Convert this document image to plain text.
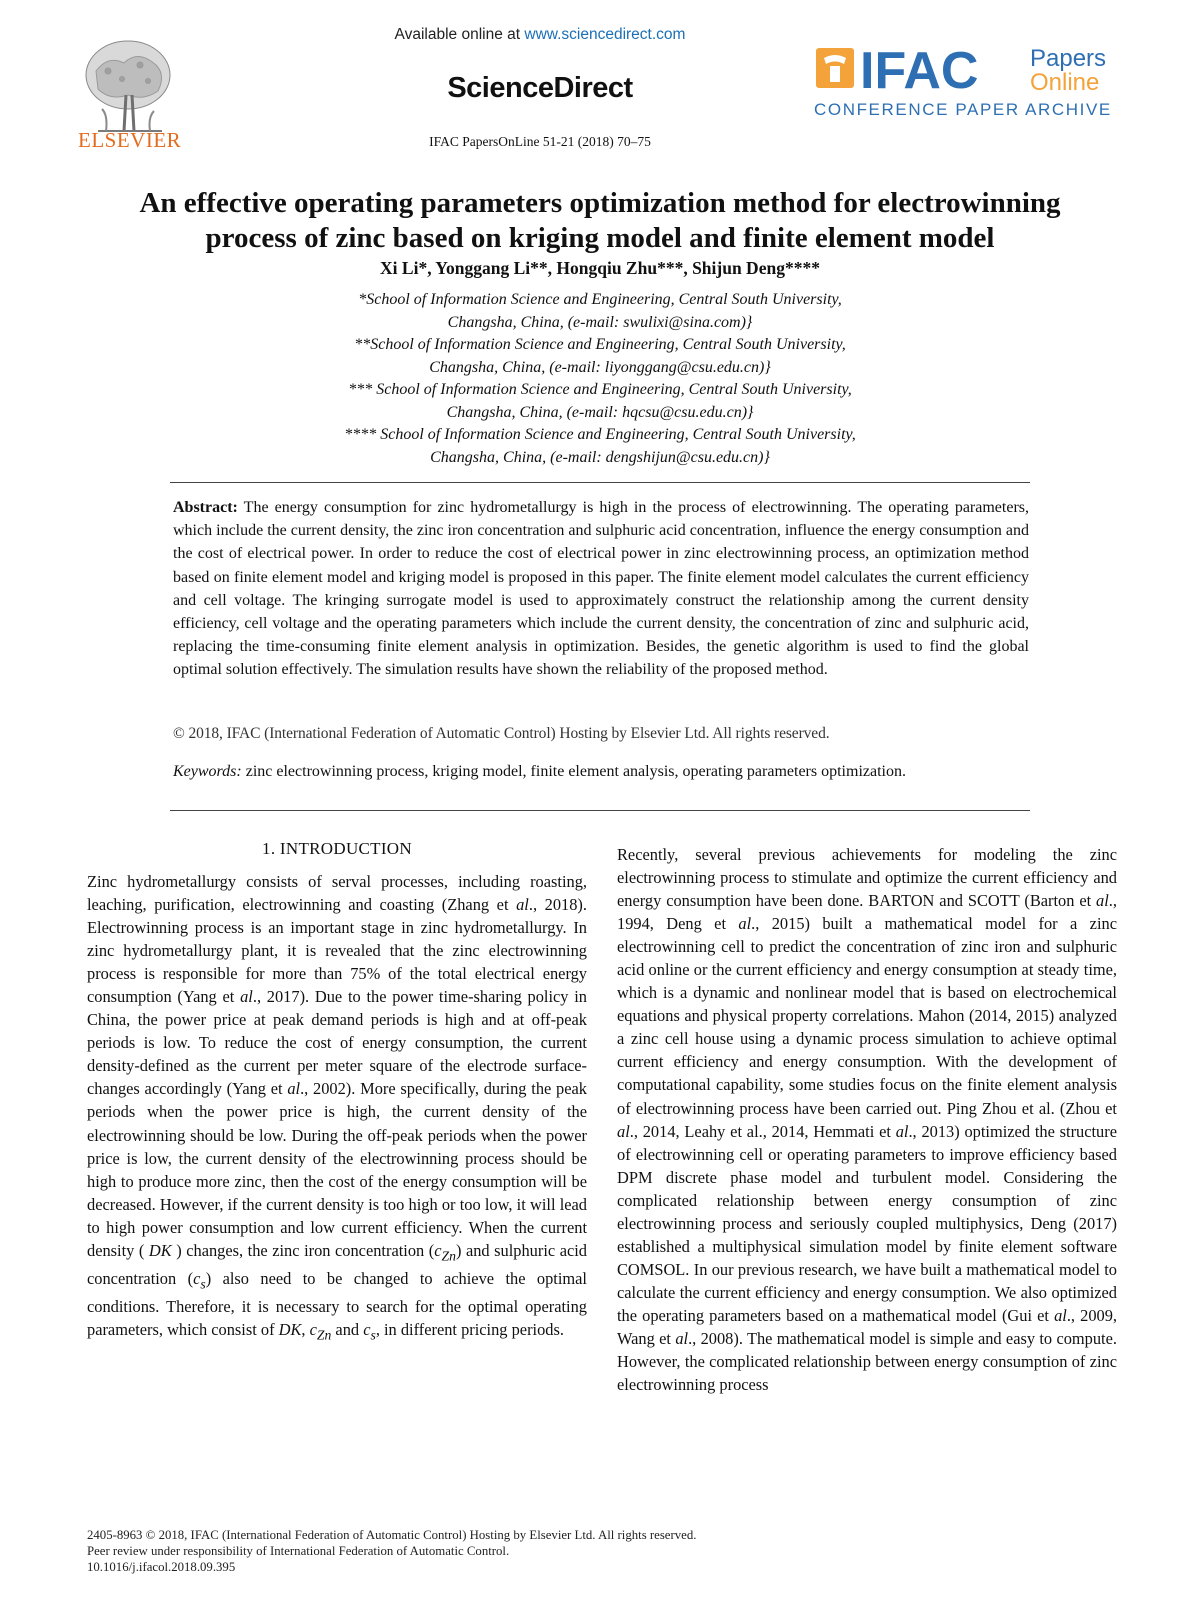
ELSEVIER
Available online at www.sciencedirect.com
ScienceDirect
IFAC PapersOnLine 51-21 (2018) 70–75
IFAC Papers
Online
CONFERENCE PAPER ARCHIVE
An effective operating parameters optimization method for electrowinning
process of zinc based on kriging model and finite element model
Xi Li*, Yonggang Li**, Hongqiu Zhu***, Shijun Deng****
*School of Information Science and Engineering, Central South University,
Changsha, China, (e-mail: swulixi@sina.com)}
**School of Information Science and Engineering, Central South University,
Changsha, China, (e-mail: liyonggang@csu.edu.cn)}
*** School of Information Science and Engineering, Central South University,
Changsha, China, (e-mail: hqcsu@csu.edu.cn)}
**** School of Information Science and Engineering, Central South University,
Changsha, China, (e-mail: dengshijun@csu.edu.cn)}
Abstract: The energy consumption for zinc hydrometallurgy is high in the process of electrowinning. The operating parameters, which include the current density, the zinc iron concentration and sulphuric acid concentration, influence the energy consumption and the cost of electrical power. In order to reduce the cost of electrical power in zinc electrowinning process, an optimization method based on finite element model and kriging model is proposed in this paper. The finite element model calculates the current efficiency and cell voltage. The kringing surrogate model is used to approximately construct the relationship among the current density efficiency, cell voltage and the operating parameters which include the current density, the concentration of zinc and sulphuric acid, replacing the time-consuming finite element analysis in optimization. Besides, the genetic algorithm is used to find the global optimal solution effectively. The simulation results have shown the reliability of the proposed method.
© 2018, IFAC (International Federation of Automatic Control) Hosting by Elsevier Ltd. All rights reserved.
Keywords: zinc electrowinning process, kriging model, finite element analysis, operating parameters optimization.
1. INTRODUCTION

Zinc hydrometallurgy consists of serval processes, including roasting, leaching, purification, electrowinning and coasting (Zhang et al., 2018). Electrowinning process is an important stage in zinc hydrometallurgy. In zinc hydrometallurgy plant, it is revealed that the zinc electrowinning process is responsible for more than 75% of the total electrical energy consumption (Yang et al., 2017). Due to the power time-sharing policy in China, the power price at peak demand periods is high and at off-peak periods is low. To reduce the cost of energy consumption, the current density-defined as the current per meter square of the electrode surface-changes accordingly (Yang et al., 2002). More specifically, during the peak periods when the power price is high, the current density of the electrowinning should be low. During the off-peak periods when the power price is low, the current density of the electrowinning process should be high to produce more zinc, then the cost of the energy consumption will be decreased. However, if the current density is too high or too low, it will lead to high power consumption and low current efficiency. When the current density ( DK ) changes, the zinc iron concentration $(c_{Zn})$ and sulphuric acid concentration $(c_s)$ also need to be changed to achieve the optimal conditions. Therefore, it is necessary to search for the optimal operating parameters, which consist of DK, $c_{Zn}$ and $c_s$, in different pricing periods.

Recently, several previous achievements for modeling the zinc electrowinning process to stimulate and optimize the current efficiency and energy consumption have been done. BARTON and SCOTT (Barton et al., 1994, Deng et al., 2015) built a mathematical model for a zinc electrowinning cell to predict the concentration of zinc iron and sulphuric acid online or the current efficiency and energy consumption at steady time, which is a dynamic and nonlinear model that is based on electrochemical equations and physical property correlations. Mahon (2014, 2015) analyzed a zinc cell house using a dynamic process simulation to achieve optimal current efficiency and energy consumption. With the development of computational capability, some studies focus on the finite element analysis of electrowinning process have been carried out. Ping Zhou et al. (Zhou et al., 2014, Leahy et al., 2014, Hemmati et al., 2013) optimized the structure of electrowinning cell or operating parameters to improve efficiency based DPM discrete phase model and turbulent model. Considering the complicated relationship between energy consumption of zinc electrowinning process and seriously coupled multiphysics, Deng (2017) established a multiphysical simulation model by finite element software COMSOL. In our previous research, we have built a mathematical model to calculate the current efficiency and energy consumption. We also optimized the operating parameters based on a mathematical model (Gui et al., 2009, Wang et al., 2008). The mathematical model is simple and easy to compute. However, the complicated relationship between energy consumption of zinc electrowinning process

2405-8963 © 2018, IFAC (International Federation of Automatic Control) Hosting by Elsevier Ltd. All rights reserved.
Peer review under responsibility of International Federation of Automatic Control.
10.1016/j.ifacol.2018.09.395
